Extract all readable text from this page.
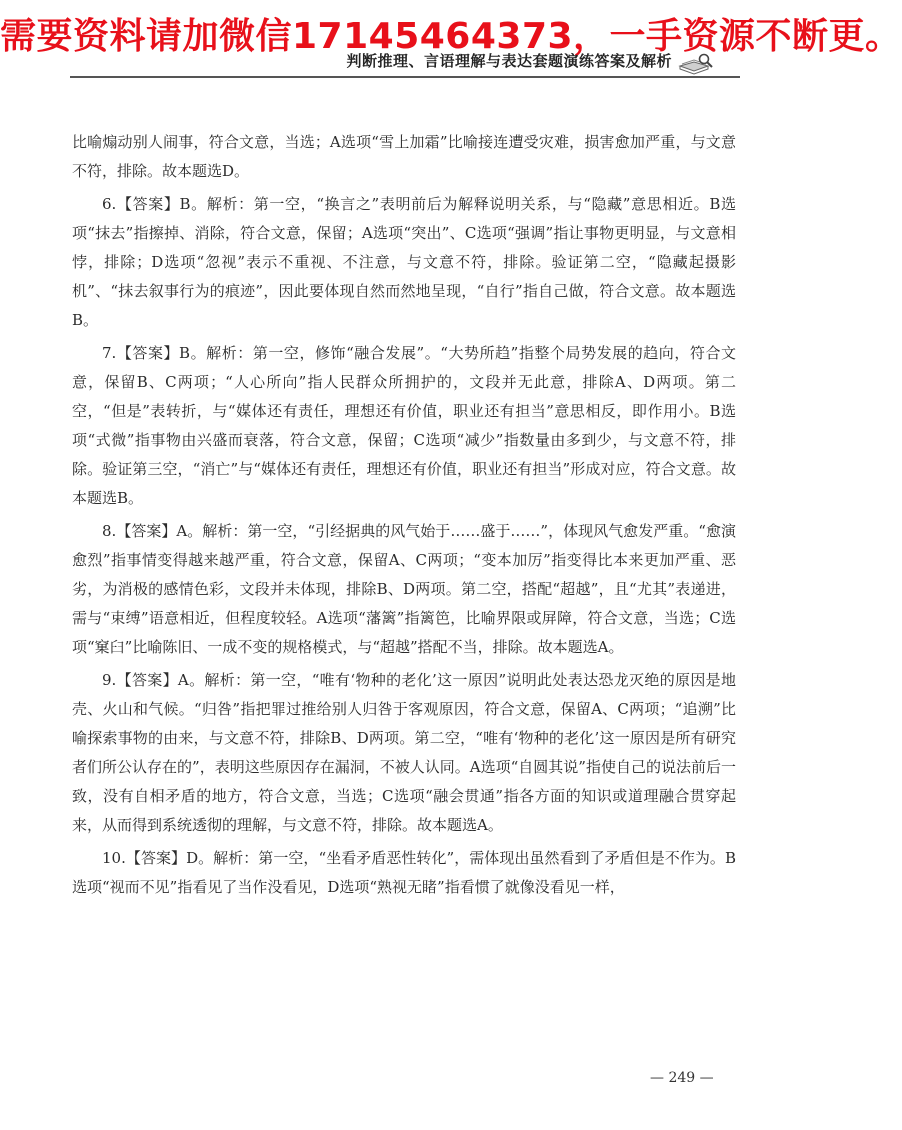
需要资料请加微信17145464373，一手资源不断更。
判断推理、言语理解与表达套题演练答案及解析

比喻煽动别人闹事，符合文意，当选；A选项“雪上加霜”比喻接连遭受灾难，损害愈加严重，与文意不符，排除。故本题选D。

6.【答案】B。解析：第一空，“换言之”表明前后为解释说明关系，与“隐藏”意思相近。B选项“抹去”指擦掉、消除，符合文意，保留；A选项“突出”、C选项“强调”指让事物更明显，与文意相悖，排除；D选项“忽视”表示不重视、不注意，与文意不符，排除。验证第二空，“隐藏起摄影机”、“抹去叙事行为的痕迹”，因此要体现自然而然地呈现，“自行”指自己做，符合文意。故本题选B。

7.【答案】B。解析：第一空，修饰“融合发展”。“大势所趋”指整个局势发展的趋向，符合文意，保留B、C两项；“人心所向”指人民群众所拥护的，文段并无此意，排除A、D两项。第二空，“但是”表转折，与“媒体还有责任，理想还有价值，职业还有担当”意思相反，即作用小。B选项“式微”指事物由兴盛而衰落，符合文意，保留；C选项“减少”指数量由多到少，与文意不符，排除。验证第三空，“消亡”与“媒体还有责任，理想还有价值，职业还有担当”形成对应，符合文意。故本题选B。

8.【答案】A。解析：第一空，“引经据典的风气始于……盛于……”，体现风气愈发严重。“愈演愈烈”指事情变得越来越严重，符合文意，保留A、C两项；“变本加厉”指变得比本来更加严重、恶劣，为消极的感情色彩，文段并未体现，排除B、D两项。第二空，搭配“超越”，且“尤其”表递进，需与“束缚”语意相近，但程度较轻。A选项“藩篱”指篱笆，比喻界限或屏障，符合文意，当选；C选项“窠臼”比喻陈旧、一成不变的规格模式，与“超越”搭配不当，排除。故本题选A。

9.【答案】A。解析：第一空，“唯有‘物种的老化’这一原因”说明此处表达恐龙灭绝的原因是地壳、火山和气候。“归咎”指把罪过推给别人归咎于客观原因，符合文意，保留A、C两项；“追溯”比喻探索事物的由来，与文意不符，排除B、D两项。第二空，“唯有‘物种的老化’这一原因是所有研究者们所公认存在的”，表明这些原因存在漏洞，不被人认同。A选项“自圆其说”指使自己的说法前后一致，没有自相矛盾的地方，符合文意，当选；C选项“融会贯通”指各方面的知识或道理融合贯穿起来，从而得到系统透彻的理解，与文意不符，排除。故本题选A。

10.【答案】D。解析：第一空，“坐看矛盾恶性转化”，需体现出虽然看到了矛盾但是不作为。B选项“视而不见”指看见了当作没看见，D选项“熟视无睹”指看惯了就像没看见一样，

— 249 —
